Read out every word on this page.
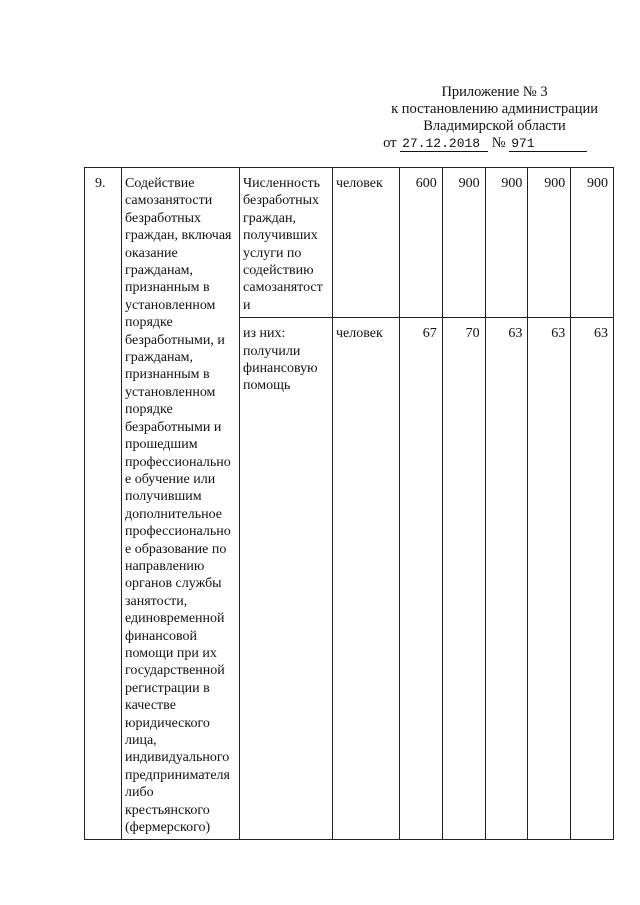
Приложение № 3
к постановлению администрации
Владимирской области
от 27.12.2018 № 971
9.	Содействие самозанятости безработных граждан, включая оказание гражданам, признанным в установленном порядке безработными, и гражданам, признанным в установленном порядке безработными и прошедшим профессионально е обучение или получившим дополнительное профессионально е образование по направлению органов службы занятости, единовременной финансовой помощи при их государственной регистрации в качестве юридического лица, индивидуального предпринимателя либо крестьянского (фермерского)	Численность безработных граждан, получивших услуги по содействию самозанятост и	человек	600	900	900	900	900
		из них: получили финансовую помощь	человек	67	70	63	63	63
